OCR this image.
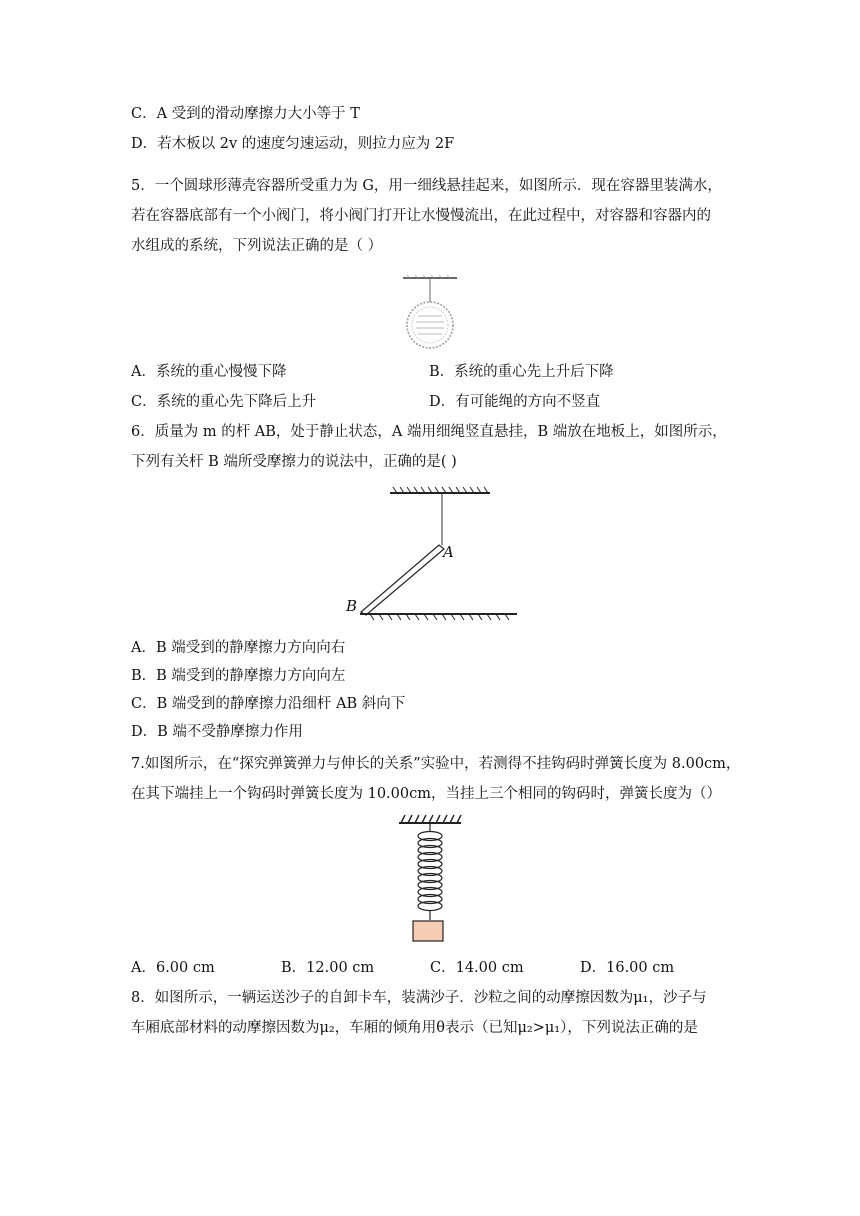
C．A 受到的滑动摩擦力大小等于 T
D．若木板以 2v 的速度匀速运动，则拉力应为 2F
5．一个圆球形薄壳容器所受重力为 G，用一细线悬挂起来，如图所示．现在容器里装满水，
若在容器底部有一个小阀门，将小阀门打开让水慢慢流出，在此过程中，对容器和容器内的
水组成的系统，下列说法正确的是（ ）
A．系统的重心慢慢下降	B．系统的重心先上升后下降
C．系统的重心先下降后上升	D．有可能绳的方向不竖直
6．质量为 m 的杆 AB，处于静止状态，A 端用细绳竖直悬挂，B 端放在地板上，如图所示，
下列有关杆 B 端所受摩擦力的说法中，正确的是( )
A
B
A．B 端受到的静摩擦力方向向右
B．B 端受到的静摩擦力方向向左
C．B 端受到的静摩擦力沿细杆 AB 斜向下
D．B 端不受静摩擦力作用
7.如图所示，在“探究弹簧弹力与伸长的关系”实验中，若测得不挂钩码时弹簧长度为 8.00cm，
在其下端挂上一个钩码时弹簧长度为 10.00cm，当挂上三个相同的钩码时，弹簧长度为（）
A．6.00 cm	B．12.00 cm	C．14.00 cm	D．16.00 cm
8．如图所示，一辆运送沙子的自卸卡车，装满沙子．沙粒之间的动摩擦因数为μ₁，沙子与
车厢底部材料的动摩擦因数为μ₂，车厢的倾角用θ表示（已知μ₂>μ₁），下列说法正确的是
